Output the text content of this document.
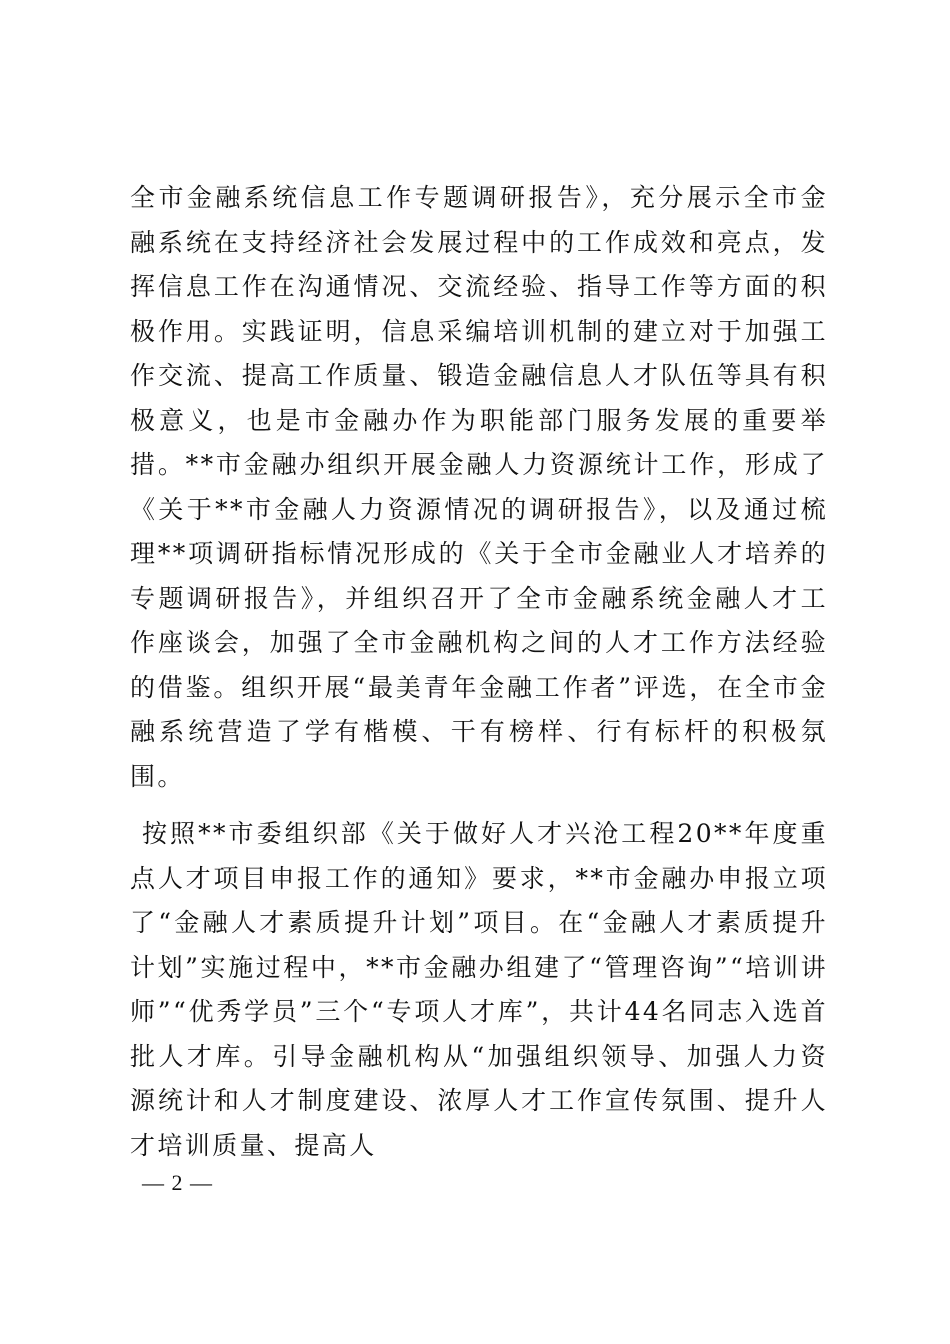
全市金融系统信息工作专题调研报告》，充分展示全市金融系统在支持经济社会发展过程中的工作成效和亮点，发挥信息工作在沟通情况、交流经验、指导工作等方面的积极作用。实践证明，信息采编培训机制的建立对于加强工作交流、提高工作质量、锻造金融信息人才队伍等具有积极意义，也是市金融办作为职能部门服务发展的重要举措。**市金融办组织开展金融人力资源统计工作，形成了《关于**市金融人力资源情况的调研报告》，以及通过梳理**项调研指标情况形成的《关于全市金融业人才培养的专题调研报告》，并组织召开了全市金融系统金融人才工作座谈会，加强了全市金融机构之间的人才工作方法经验的借鉴。组织开展“最美青年金融工作者”评选，在全市金融系统营造了学有楷模、干有榜样、行有标杆的积极氛围。

按照**市委组织部《关于做好人才兴沧工程20**年度重点人才项目申报工作的通知》要求，**市金融办申报立项了“金融人才素质提升计划”项目。在“金融人才素质提升计划”实施过程中，**市金融办组建了“管理咨询”“培训讲师”“优秀学员”三个“专项人才库”，共计44名同志入选首批人才库。引导金融机构从“加强组织领导、加强人力资源统计和人才制度建设、浓厚人才工作宣传氛围、提升人才培训质量、提高人

— 2 —
